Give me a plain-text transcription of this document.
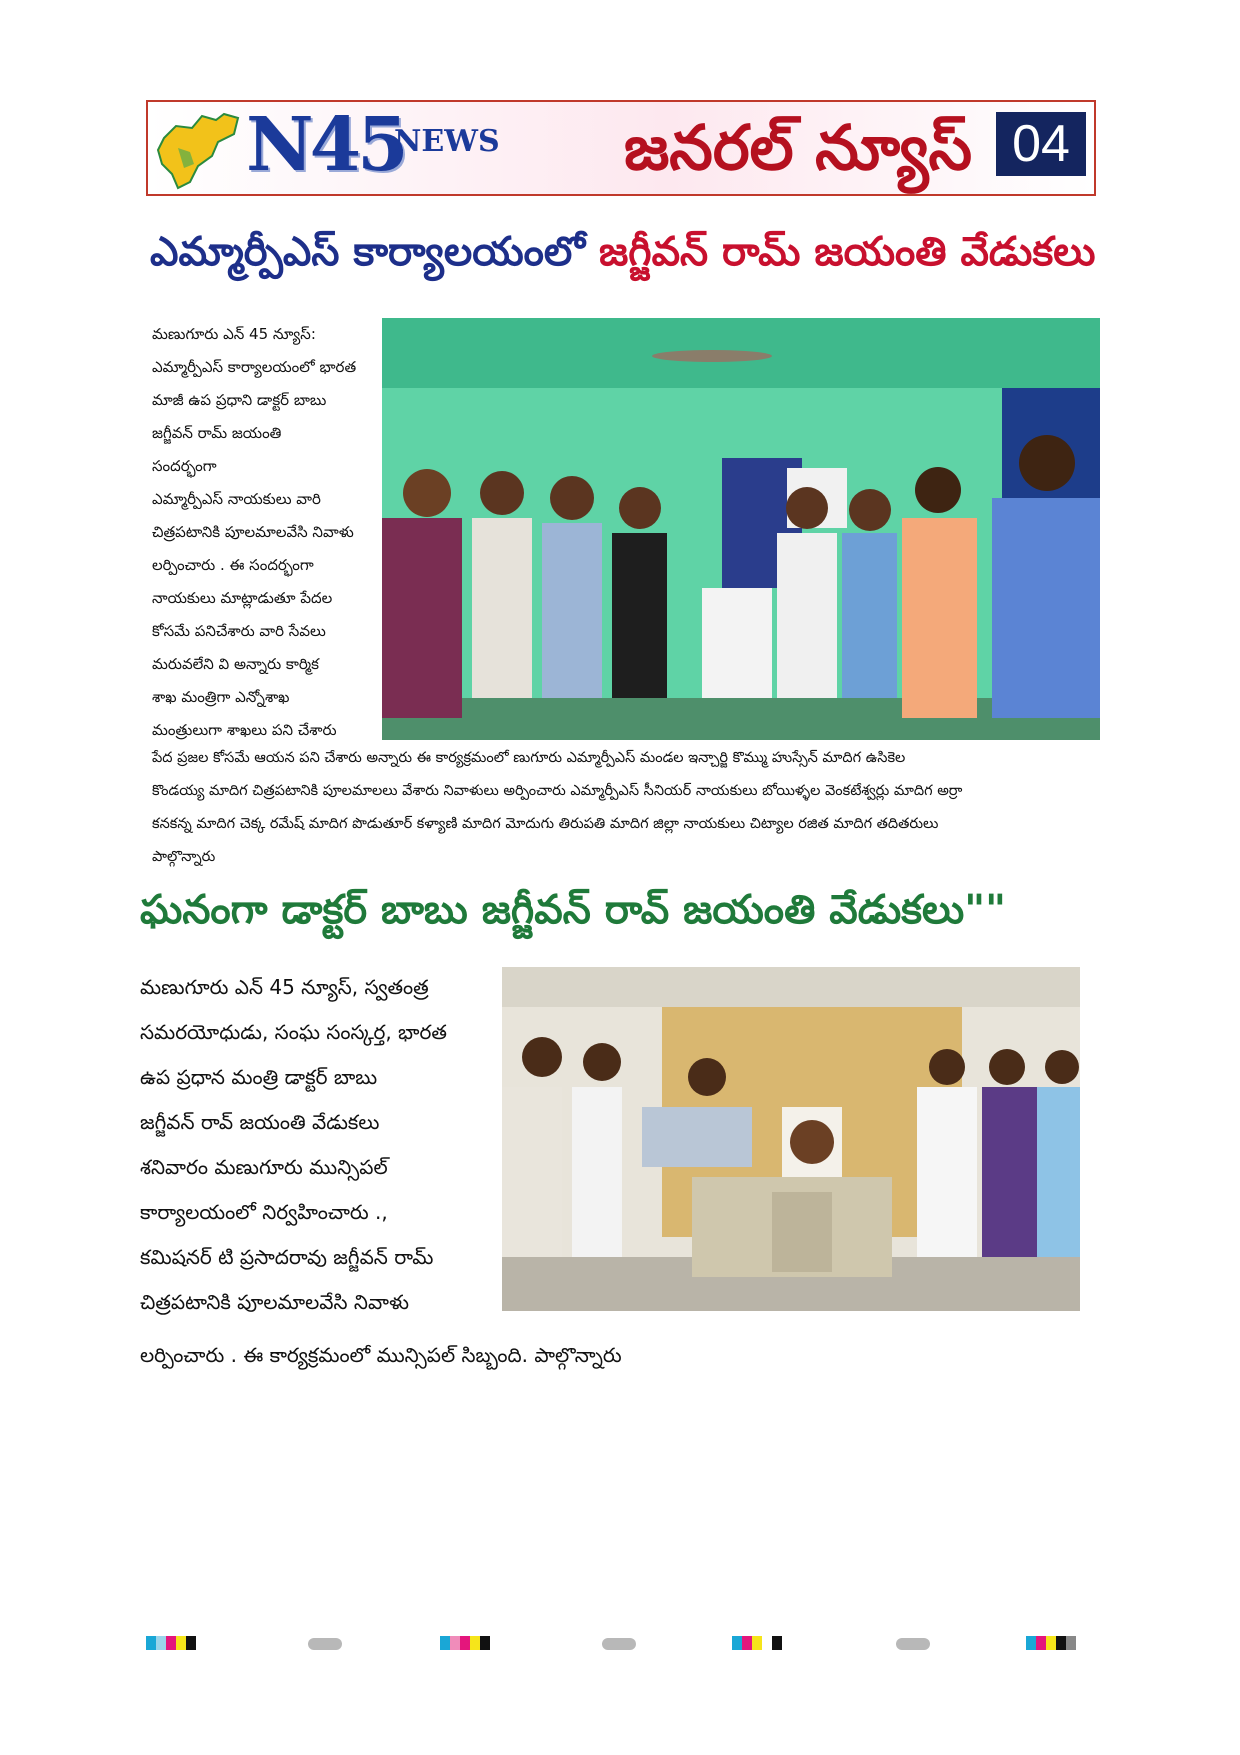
N45
NEWS	జనరల్ న్యూస్ 04
ఎమ్మార్పీఎస్ కార్యాలయంలో జగ్జీవన్ రామ్ జయంతి వేడుకలు
మణుగూరు ఎన్ 45 న్యూస్:
ఎమ్మార్పీఎస్ కార్యాలయంలో భారత
మాజీ ఉప ప్రధాని డాక్టర్ బాబు
జగ్జీవన్ రామ్ జయంతి
సందర్భంగా
ఎమ్మార్పీఎస్ నాయకులు వారి
చిత్రపటానికి పూలమాలవేసి నివాళు
లర్పించారు . ఈ సందర్భంగా
నాయకులు మాట్లాడుతూ పేదల
కోసమే పనిచేశారు వారి సేవలు
మరువలేని వి అన్నారు కార్మిక
శాఖ మంత్రిగా ఎన్నోశాఖ
మంత్రులుగా శాఖలు పని చేశారు
పేద ప్రజల కోసమే ఆయన పని చేశారు అన్నారు ఈ కార్యక్రమంలో ణుగూరు ఎమ్మార్పీఎస్ మండల ఇన్చార్జి కొమ్ము హుస్సేన్ మాదిగ ఉసికెల
కొండయ్య మాదిగ చిత్రపటానికి పూలమాలలు వేశారు నివాళులు అర్పించారు ఎమ్మార్పీఎస్ సీనియర్ నాయకులు బోయిళ్ళల వెంకటేశ్వర్లు మాదిగ అర్రా
కనకన్న మాదిగ చెక్క రమేష్ మాదిగ పొడుతూర్ కళ్యాణి మాదిగ మోదుగు తిరుపతి మాదిగ జిల్లా నాయకులు చిట్యాల రజిత మాదిగ తదితరులు
పాల్గొన్నారు
ఘనంగా డాక్టర్ బాబు జగ్జీవన్ రావ్ జయంతి వేడుకలు""
మణుగూరు ఎన్ 45 న్యూస్, స్వతంత్ర
సమరయోధుడు, సంఘ సంస్కర్త, భారత
ఉప ప్రధాన మంత్రి డాక్టర్ బాబు
జగ్జీవన్ రావ్ జయంతి వేడుకలు
శనివారం మణుగూరు మున్సిపల్
కార్యాలయంలో నిర్వహించారు .,
కమిషనర్ టి ప్రసాదరావు జగ్జీవన్ రామ్
చిత్రపటానికి పూలమాలవేసి నివాళు
లర్పించారు . ఈ కార్యక్రమంలో మున్సిపల్ సిబ్బంది. పాల్గొన్నారు
